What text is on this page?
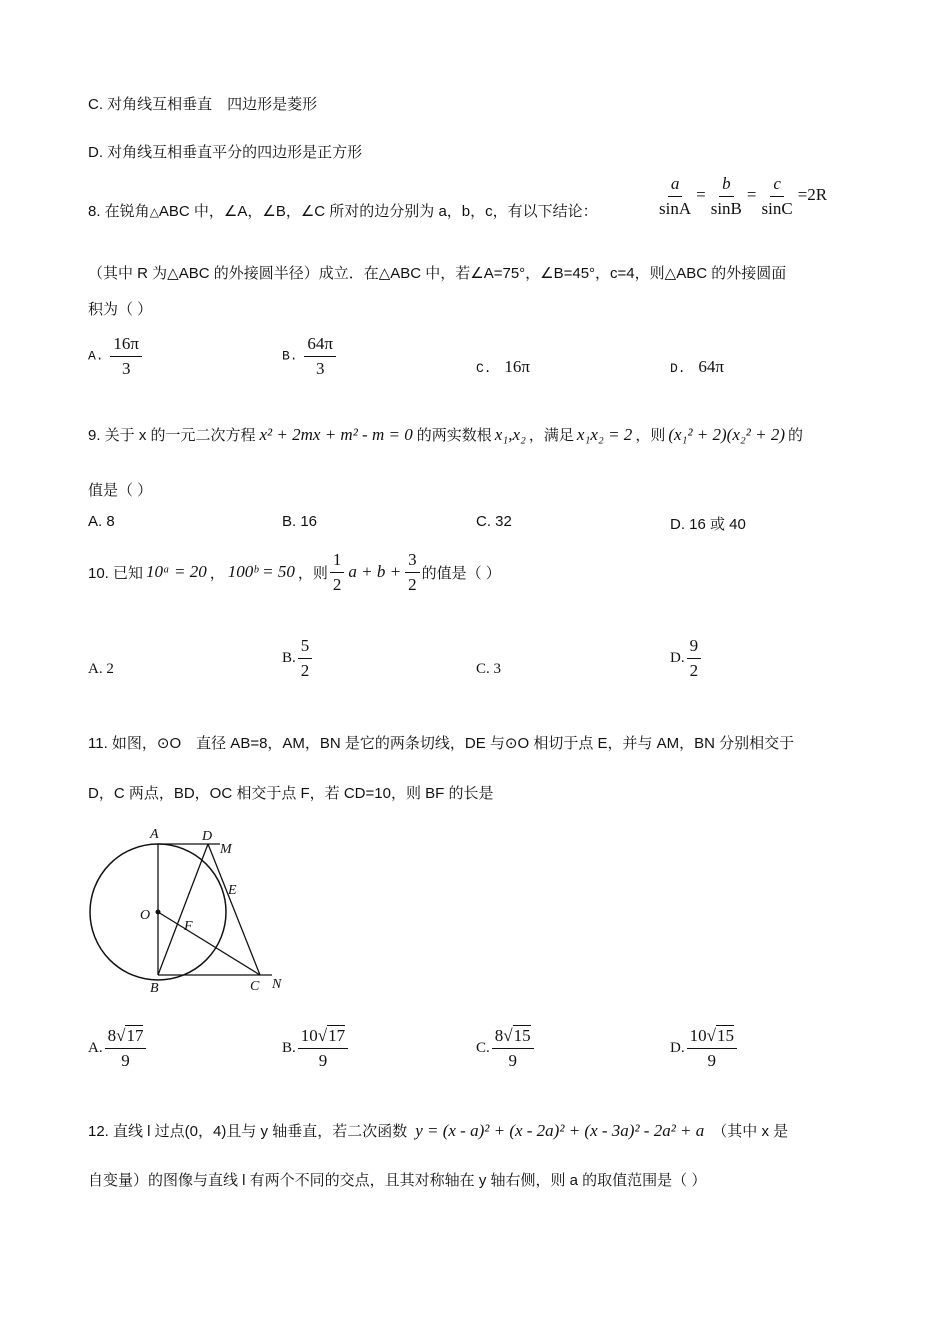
C. 对角线互相垂直　四边形是菱形
D. 对角线互相垂直平分的四边形是正方形
8. 在锐角△ABC 中，∠A，∠B，∠C 所对的边分别为 a，b，c，有以下结论：	$\frac{a}{\sin A} = \frac{b}{\sin B} = \frac{c}{\sin C} =2R$
（其中 R 为△ABC 的外接圆半径）成立．在△ABC 中，若∠A=75°，∠B=45°，c=4，则△ABC 的外接圆面
积为（ ）
A. $\frac{16\pi}{3}$	B. $\frac{64\pi}{3}$	C. 16π	D. 64π
9. 关于 x 的一元二次方程 x² + 2mx + m² - m = 0 的两实数根 x₁,x₂ ，满足 x₁x₂ = 2 ，则 (x₁² + 2)(x₂² + 2) 的
值是（ ）
A. 8	B. 16	C. 32	D. 16 或 40
10. 已知 10ᵃ = 20 ， 100ᵇ = 50 ，则 $\frac{1}{2}$ $a + b + \frac{3}{2}$ 的值是（ ）
A. 2
B. $\frac{5}{2}$	C. 3
D. $\frac{9}{2}$
11. 如图，⊙O　直径 AB=8，AM，BN 是它的两条切线，DE 与⊙O 相切于点 E，并与 AM，BN 分别相交于
D，C 两点，BD，OC 相交于点 F，若 CD=10，则 BF 的长是
A	D
M
E
O
F
B	C N
A. $\frac{8√17}{9}$	B. $\frac{10√17}{9}$	C. $\frac{8√15}{9}$	D. $\frac{10√15}{9}$
12. 直线 l 过点(0，4)且与 y 轴垂直，若二次函数 y = (x - a)² + (x - 2a)² + (x - 3a)² - 2a² + a （其中 x 是
自变量）的图像与直线 l 有两个不同的交点，且其对称轴在 y 轴右侧，则 a 的取值范围是（ ）
